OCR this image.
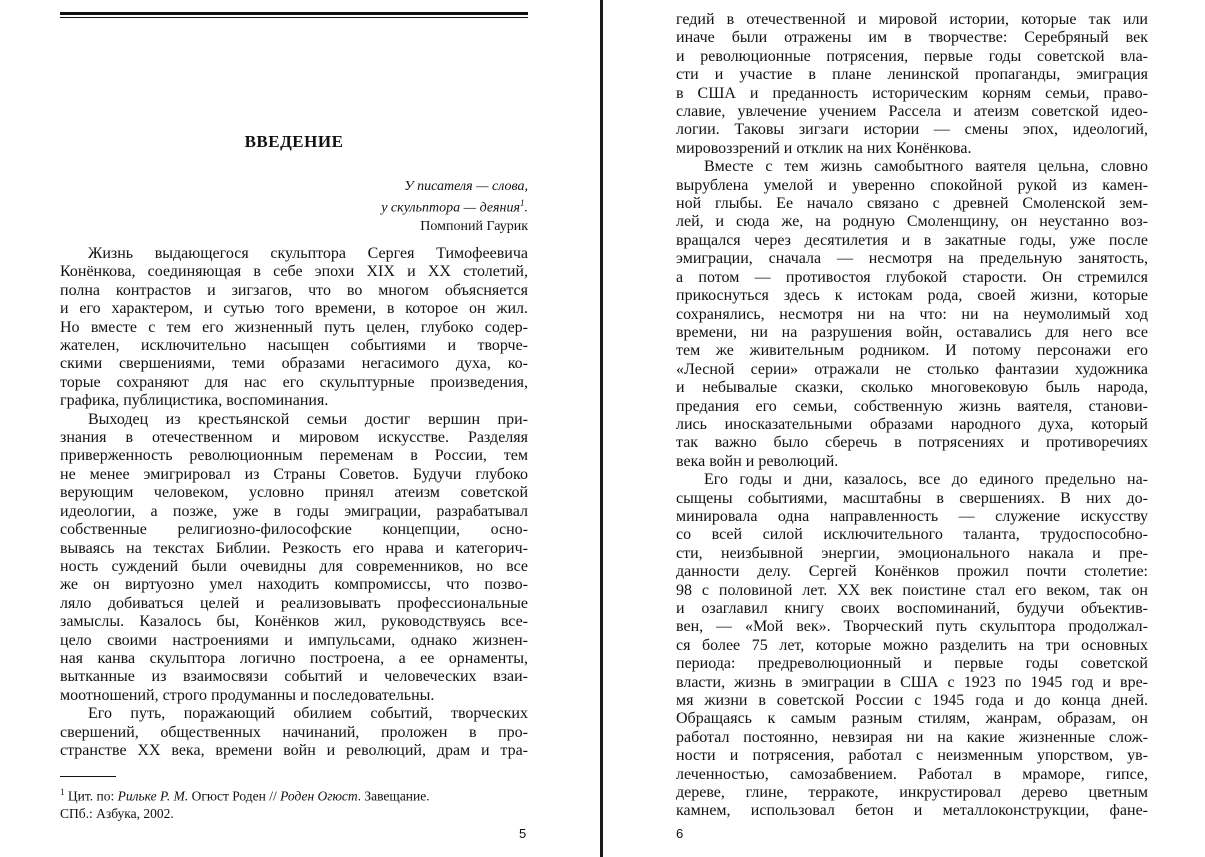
ВВЕДЕНИЕ
У писателя — слова,
у скульптора — деяния$^1$.
Помпоний Гаурик
Жизнь выдающегося скульптора Сергея Тимофеевича
Конёнкова, соединяющая в себе эпохи XIX и XX столетий,
полна контрастов и зигзагов, что во многом объясняется
и его характером, и сутью того времени, в которое он жил.
Но вместе с тем его жизненный путь целен, глубоко содер-
жателен, исключительно насыщен событиями и творче-
скими свершениями, теми образами негасимого духа, ко-
торые сохраняют для нас его скульптурные произведения,
графика, публицистика, воспоминания.
Выходец из крестьянской семьи достиг вершин при-
знания в отечественном и мировом искусстве. Разделяя
приверженность революционным переменам в России, тем
не менее эмигрировал из Страны Советов. Будучи глубоко
верующим человеком, условно принял атеизм советской
идеологии, а позже, уже в годы эмиграции, разрабатывал
собственные религиозно-философские концепции, осно-
вываясь на текстах Библии. Резкость его нрава и категорич-
ность суждений были очевидны для современников, но все
же он виртуозно умел находить компромиссы, что позво-
ляло добиваться целей и реализовывать профессиональные
замыслы. Казалось бы, Конёнков жил, руководствуясь все-
цело своими настроениями и импульсами, однако жизнен-
ная канва скульптора логично построена, а ее орнаменты,
вытканные из взаимосвязи событий и человеческих взаи-
моотношений, строго продуманны и последовательны.
Его путь, поражающий обилием событий, творческих
свершений, общественных начинаний, проложен в про-
странстве XX века, времени войн и революций, драм и тра-
$^1$ Цит. по: Рильке Р. М. Огюст Роден // Роден Огюст. Завещание.
СПб.: Азбука, 2002.
5
гедий в отечественной и мировой истории, которые так или
иначе были отражены им в творчестве: Серебряный век
и революционные потрясения, первые годы советской вла-
сти и участие в плане ленинской пропаганды, эмиграция
в США и преданность историческим корням семьи, право-
славие, увлечение учением Рассела и атеизм советской идео-
логии. Таковы зигзаги истории — смены эпох, идеологий,
мировоззрений и отклик на них Конёнкова.
Вместе с тем жизнь самобытного ваятеля цельна, словно
вырублена умелой и уверенно спокойной рукой из камен-
ной глыбы. Ее начало связано с древней Смоленской зем-
лей, и сюда же, на родную Смоленщину, он неустанно воз-
вращался через десятилетия и в закатные годы, уже после
эмиграции, сначала — несмотря на предельную занятость,
а потом — противостоя глубокой старости. Он стремился
прикоснуться здесь к истокам рода, своей жизни, которые
сохранялись, несмотря ни на что: ни на неумолимый ход
времени, ни на разрушения войн, оставались для него все
тем же живительным родником. И потому персонажи его
«Лесной серии» отражали не столько фантазии художника
и небывалые сказки, сколько многовековую быль народа,
предания его семьи, собственную жизнь ваятеля, станови-
лись иносказательными образами народного духа, который
так важно было сберечь в потрясениях и противоречиях
века войн и революций.
Его годы и дни, казалось, все до единого предельно на-
сыщены событиями, масштабны в свершениях. В них до-
минировала одна направленность — служение искусству
со всей силой исключительного таланта, трудоспособно-
сти, неизбывной энергии, эмоционального накала и пре-
данности делу. Сергей Конёнков прожил почти столетие:
98 с половиной лет. XX век поистине стал его веком, так он
и озаглавил книгу своих воспоминаний, будучи объектив-
вен, — «Мой век». Творческий путь скульптора продолжал-
ся более 75 лет, которые можно разделить на три основных
периода: предреволюционный и первые годы советской
власти, жизнь в эмиграции в США с 1923 по 1945 год и вре-
мя жизни в советской России с 1945 года и до конца дней.
Обращаясь к самым разным стилям, жанрам, образам, он
работал постоянно, невзирая ни на какие жизненные слож-
ности и потрясения, работал с неизменным упорством, ув-
леченностью, самозабвением. Работал в мраморе, гипсе,
дереве, глине, терракоте, инкрустировал дерево цветным
камнем, использовал бетон и металлоконструкции, фане-
6
